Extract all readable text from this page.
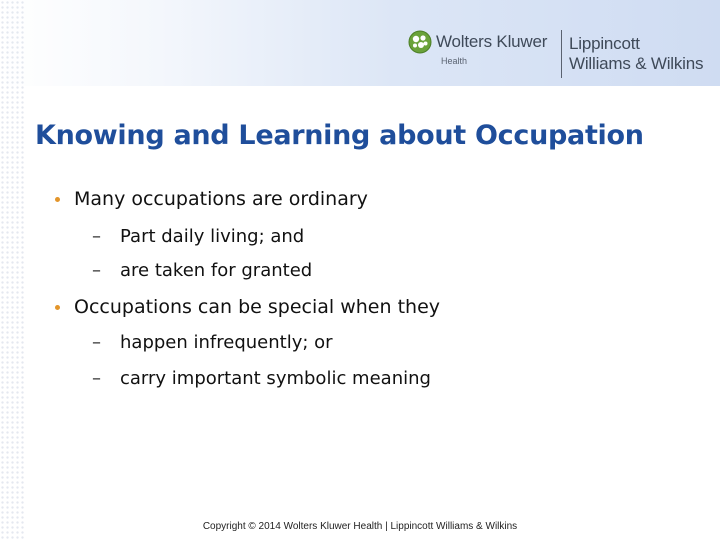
Wolters Kluwer
Health
Lippincott
Williams & Wilkins
Knowing and Learning about Occupation
Many occupations are ordinary
– Part daily living; and
– are taken for granted
Occupations can be special when they
– happen infrequently; or
– carry important symbolic meaning
Copyright © 2014 Wolters Kluwer Health | Lippincott Williams & Wilkins
